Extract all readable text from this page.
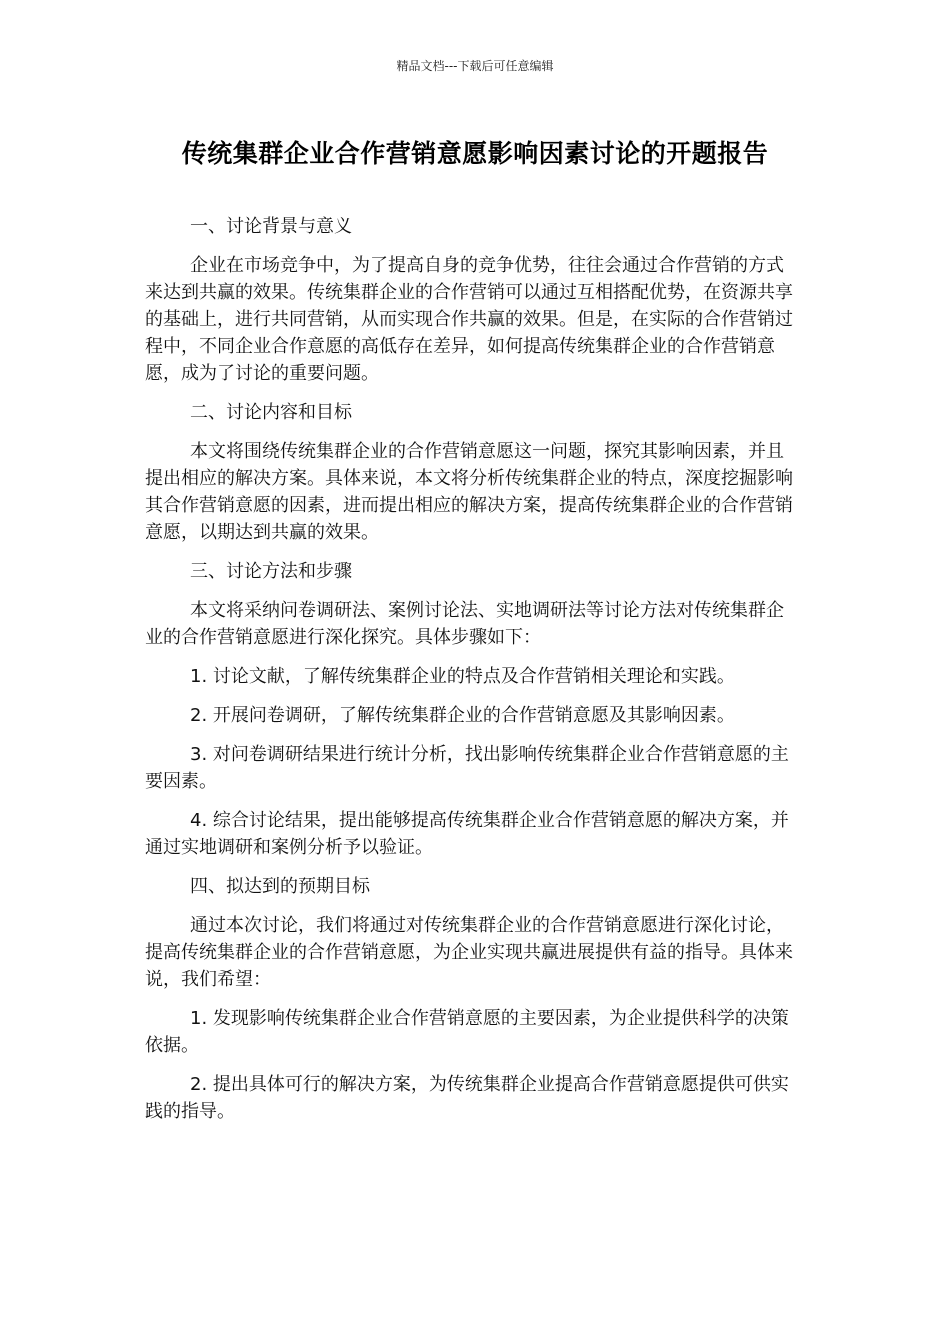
精品文档---下载后可任意编辑
传统集群企业合作营销意愿影响因素讨论的开题报告

一、讨论背景与意义

企业在市场竞争中，为了提高自身的竞争优势，往往会通过合作营销的方式来达到共赢的效果。传统集群企业的合作营销可以通过互相搭配优势，在资源共享的基础上，进行共同营销，从而实现合作共赢的效果。但是，在实际的合作营销过程中，不同企业合作意愿的高低存在差异，如何提高传统集群企业的合作营销意愿，成为了讨论的重要问题。

二、讨论内容和目标

本文将围绕传统集群企业的合作营销意愿这一问题，探究其影响因素，并且提出相应的解决方案。具体来说，本文将分析传统集群企业的特点，深度挖掘影响其合作营销意愿的因素，进而提出相应的解决方案，提高传统集群企业的合作营销意愿，以期达到共赢的效果。

三、讨论方法和步骤

本文将采纳问卷调研法、案例讨论法、实地调研法等讨论方法对传统集群企业的合作营销意愿进行深化探究。具体步骤如下：

1. 讨论文献，了解传统集群企业的特点及合作营销相关理论和实践。

2. 开展问卷调研，了解传统集群企业的合作营销意愿及其影响因素。

3. 对问卷调研结果进行统计分析，找出影响传统集群企业合作营销意愿的主要因素。

4. 综合讨论结果，提出能够提高传统集群企业合作营销意愿的解决方案，并通过实地调研和案例分析予以验证。

四、拟达到的预期目标

通过本次讨论，我们将通过对传统集群企业的合作营销意愿进行深化讨论，提高传统集群企业的合作营销意愿，为企业实现共赢进展提供有益的指导。具体来说，我们希望：

1. 发现影响传统集群企业合作营销意愿的主要因素，为企业提供科学的决策依据。

2. 提出具体可行的解决方案，为传统集群企业提高合作营销意愿提供可供实践的指导。
